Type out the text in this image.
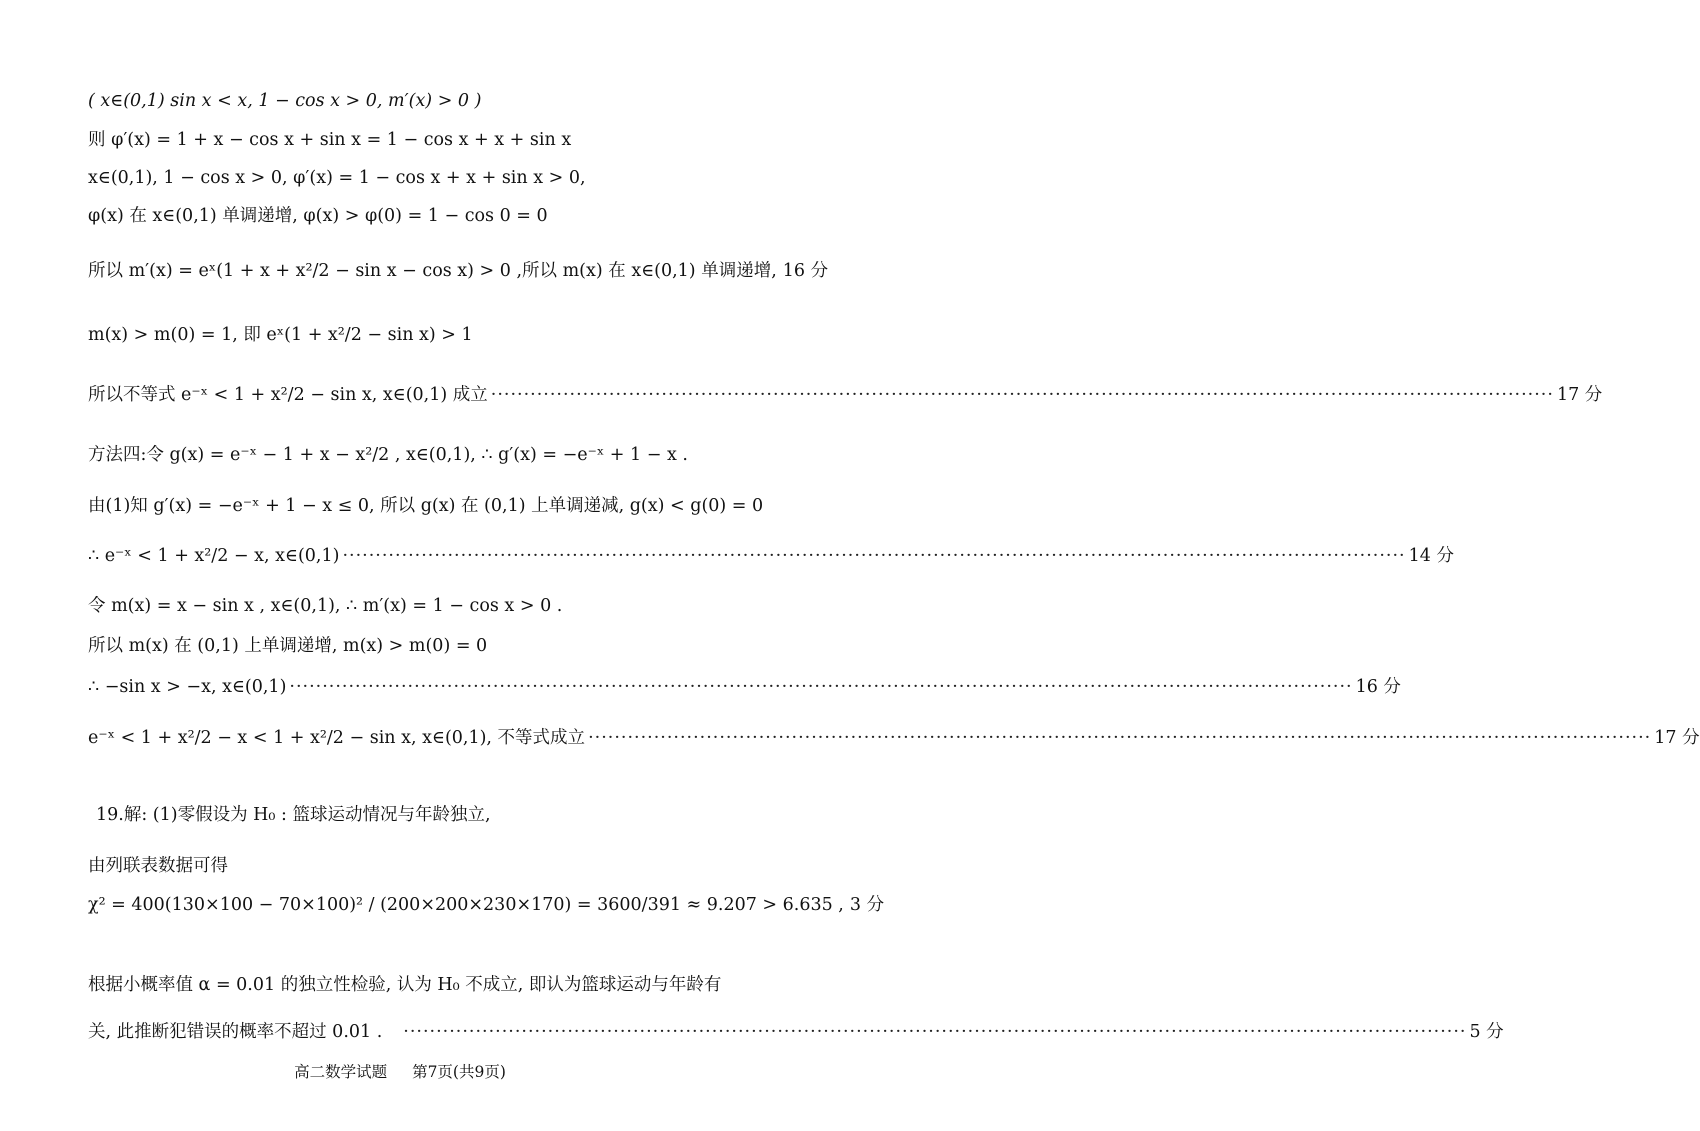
( x∈(0,1) sin x < x, 1 − cos x > 0, m′(x) > 0 )
则 φ′(x) = 1 + x − cos x + sin x = 1 − cos x + x + sin x
x∈(0,1), 1 − cos x > 0, φ′(x) = 1 − cos x + x + sin x > 0,
φ(x) 在 x∈(0,1) 单调递增, φ(x) > φ(0) = 1 − cos 0 = 0
所以 m′(x) = eˣ(1 + x + x²/2 − sin x − cos x) > 0 ,所以 m(x) 在 x∈(0,1) 单调递增, 16 分
m(x) > m(0) = 1, 即 eˣ(1 + x²/2 − sin x) > 1
所以不等式 e⁻ˣ < 1 + x²/2 − sin x, x∈(0,1) 成立 ·····	17 分
方法四:令 g(x) = e⁻ˣ − 1 + x − x²/2 , x∈(0,1), ∴ g′(x) = −e⁻ˣ + 1 − x .
由(1)知 g′(x) = −e⁻ˣ + 1 − x ≤ 0, 所以 g(x) 在 (0,1) 上单调递减, g(x) < g(0) = 0
∴ e⁻ˣ < 1 + x²/2 − x, x∈(0,1) ·····	14 分
令 m(x) = x − sin x , x∈(0,1), ∴ m′(x) = 1 − cos x > 0 .
所以 m(x) 在 (0,1) 上单调递增, m(x) > m(0) = 0
∴ −sin x > −x, x∈(0,1) ·····	16 分
e⁻ˣ < 1 + x²/2 − x < 1 + x²/2 − sin x, x∈(0,1), 不等式成立 ·····	17 分
19.解: (1)零假设为 H₀ : 篮球运动情况与年龄独立,
由列联表数据可得
χ² = 400(130×100 − 70×100)² / (200×200×230×170) = 3600/391 ≈ 9.207 > 6.635 , 3 分
根据小概率值 α = 0.01 的独立性检验, 认为 H₀ 不成立, 即认为篮球运动与年龄有
关, 此推断犯错误的概率不超过 0.01 . ·····	5 分
高二数学试题 第7页(共9页)
